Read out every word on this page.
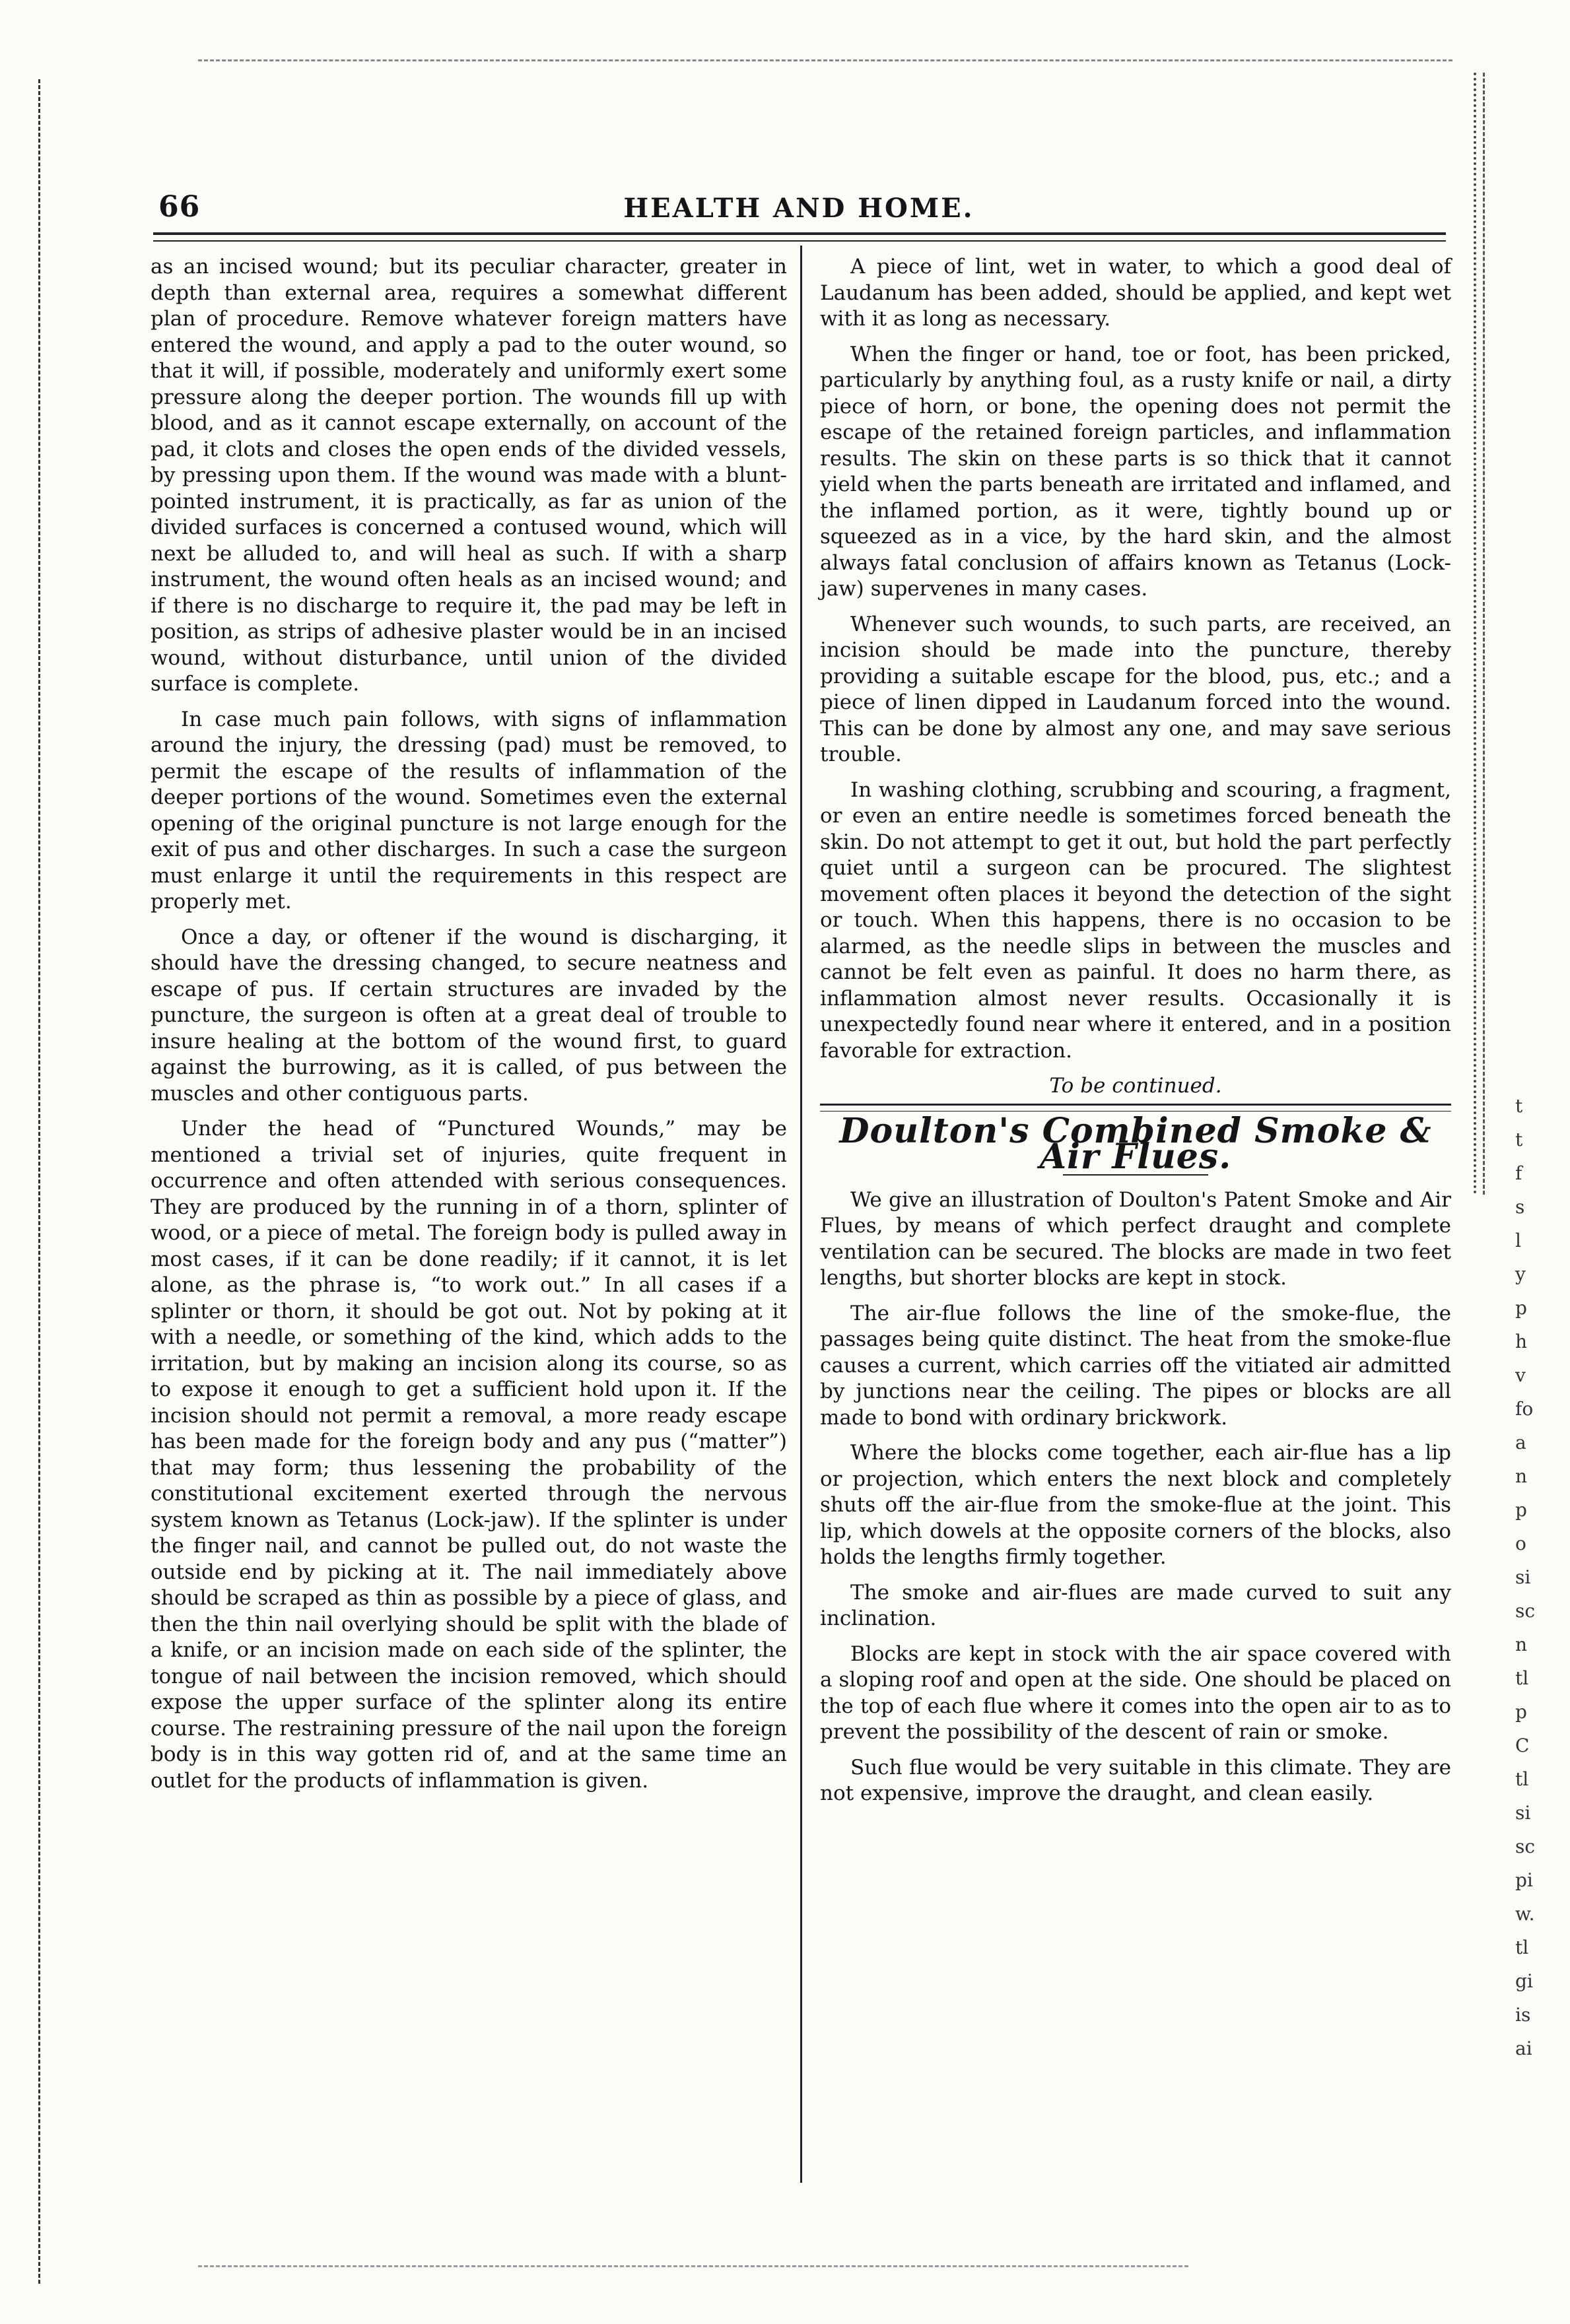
66	HEALTH AND HOME.

as an incised wound; but its peculiar character, greater in depth than external area, requires a somewhat different plan of procedure. Remove whatever foreign matters have entered the wound, and apply a pad to the outer wound, so that it will, if possible, moderately and uniformly exert some pressure along the deeper portion. The wounds fill up with blood, and as it cannot escape externally, on account of the pad, it clots and closes the open ends of the divided vessels, by pressing upon them. If the wound was made with a blunt-pointed instrument, it is practically, as far as union of the divided surfaces is concerned a contused wound, which will next be alluded to, and will heal as such. If with a sharp instrument, the wound often heals as an incised wound; and if there is no discharge to require it, the pad may be left in position, as strips of adhesive plaster would be in an incised wound, without disturbance, until union of the divided surface is complete.

In case much pain follows, with signs of inflammation around the injury, the dressing (pad) must be removed, to permit the escape of the results of inflammation of the deeper portions of the wound. Sometimes even the external opening of the original puncture is not large enough for the exit of pus and other discharges. In such a case the surgeon must enlarge it until the requirements in this respect are properly met.

Once a day, or oftener if the wound is discharging, it should have the dressing changed, to secure neatness and escape of pus. If certain structures are invaded by the puncture, the surgeon is often at a great deal of trouble to insure healing at the bottom of the wound first, to guard against the burrowing, as it is called, of pus between the muscles and other contiguous parts.

Under the head of “Punctured Wounds,” may be mentioned a trivial set of injuries, quite frequent in occurrence and often attended with serious consequences. They are produced by the running in of a thorn, splinter of wood, or a piece of metal. The foreign body is pulled away in most cases, if it can be done readily; if it cannot, it is let alone, as the phrase is, “to work out.” In all cases if a splinter or thorn, it should be got out. Not by poking at it with a needle, or something of the kind, which adds to the irritation, but by making an incision along its course, so as to expose it enough to get a sufficient hold upon it. If the incision should not permit a removal, a more ready escape has been made for the foreign body and any pus (“matter”) that may form; thus lessening the probability of the constitutional excitement exerted through the nervous system known as Tetanus (Lock-jaw). If the splinter is under the finger nail, and cannot be pulled out, do not waste the outside end by picking at it. The nail immediately above should be scraped as thin as possible by a piece of glass, and then the thin nail overlying should be split with the blade of a knife, or an incision made on each side of the splinter, the tongue of nail between the incision removed, which should expose the upper surface of the splinter along its entire course. The restraining pressure of the nail upon the foreign body is in this way gotten rid of, and at the same time an outlet for the products of inflammation is given.

A piece of lint, wet in water, to which a good deal of Laudanum has been added, should be applied, and kept wet with it as long as necessary.

When the finger or hand, toe or foot, has been pricked, particularly by anything foul, as a rusty knife or nail, a dirty piece of horn, or bone, the opening does not permit the escape of the retained foreign particles, and inflammation results. The skin on these parts is so thick that it cannot yield when the parts beneath are irritated and inflamed, and the inflamed portion, as it were, tightly bound up or squeezed as in a vice, by the hard skin, and the almost always fatal conclusion of affairs known as Tetanus (Lock-jaw) supervenes in many cases.

Whenever such wounds, to such parts, are received, an incision should be made into the puncture, thereby providing a suitable escape for the blood, pus, etc.; and a piece of linen dipped in Laudanum forced into the wound. This can be done by almost any one, and may save serious trouble.

In washing clothing, scrubbing and scouring, a fragment, or even an entire needle is sometimes forced beneath the skin. Do not attempt to get it out, but hold the part perfectly quiet until a surgeon can be procured. The slightest movement often places it beyond the detection of the sight or touch. When this happens, there is no occasion to be alarmed, as the needle slips in between the muscles and cannot be felt even as painful. It does no harm there, as inflammation almost never results. Occasionally it is unexpectedly found near where it entered, and in a position favorable for extraction.

To be continued.
Doulton's Combined Smoke & Air Flues.

We give an illustration of Doulton's Patent Smoke and Air Flues, by means of which perfect draught and complete ventilation can be secured. The blocks are made in two feet lengths, but shorter blocks are kept in stock.

The air-flue follows the line of the smoke-flue, the passages being quite distinct. The heat from the smoke-flue causes a current, which carries off the vitiated air admitted by junctions near the ceiling. The pipes or blocks are all made to bond with ordinary brickwork.

Where the blocks come together, each air-flue has a lip or projection, which enters the next block and completely shuts off the air-flue from the smoke-flue at the joint. This lip, which dowels at the opposite corners of the blocks, also holds the lengths firmly together.

The smoke and air-flues are made curved to suit any inclination.

Blocks are kept in stock with the air space covered with a sloping roof and open at the side. One should be placed on the top of each flue where it comes into the open air to as to prevent the possibility of the descent of rain or smoke.

Such flue would be very suitable in this climate. They are not expensive, improve the draught, and clean easily.

t
t
f
s
l
y
p
h
v
fo
a
n
p
o
si
sc
n
tl
p
C
tl
si
sc
pi
w.
tl
gi
is
ai
